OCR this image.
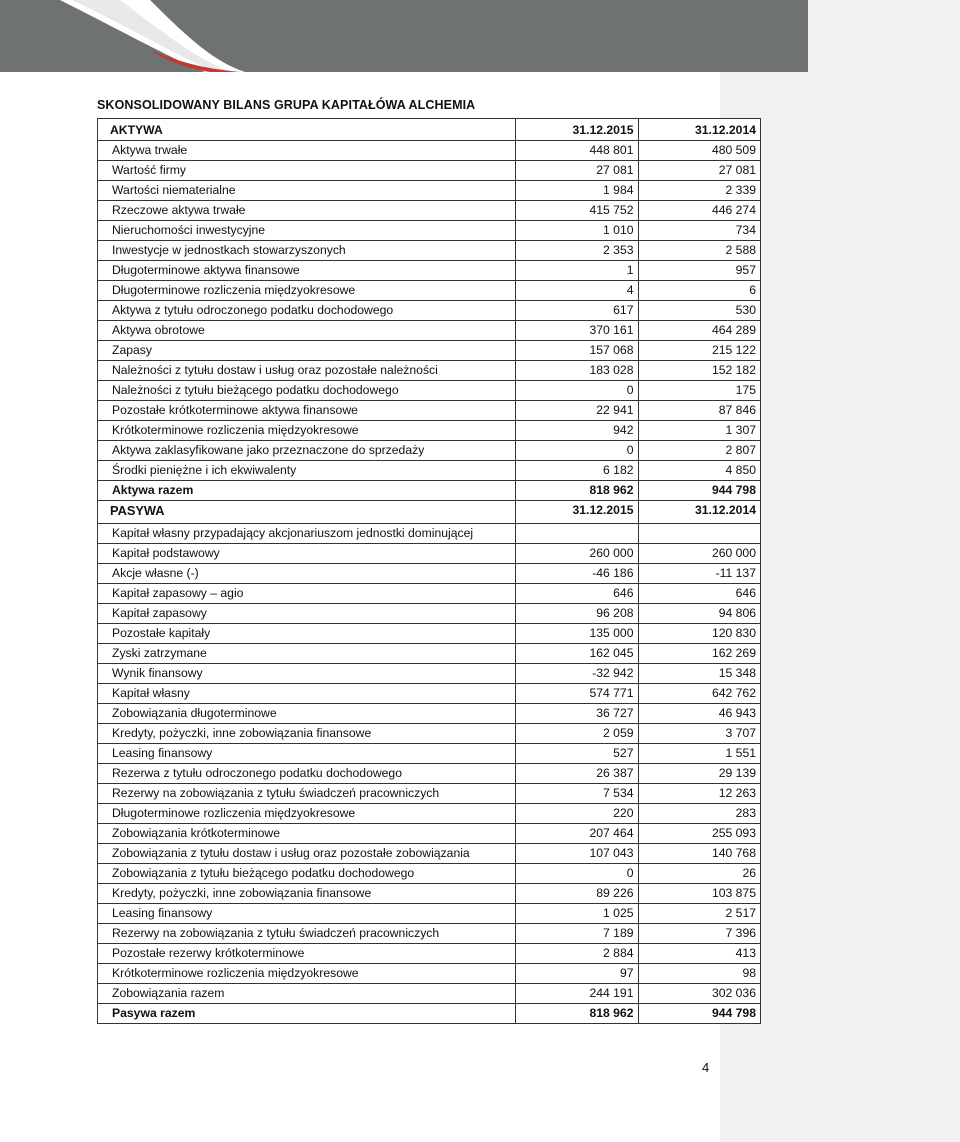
SKONSOLIDOWANY BILANS GRUPA KAPITAŁÓWA ALCHEMIA
AKTYWA	31.12.2015	31.12.2014
Aktywa trwałe	448 801	480 509
Wartość firmy	27 081	27 081
Wartości niematerialne	1 984	2 339
Rzeczowe aktywa trwałe	415 752	446 274
Nieruchomości inwestycyjne	1 010	734
Inwestycje w jednostkach stowarzyszonych	2 353	2 588
Długoterminowe aktywa finansowe	1	957
Długoterminowe rozliczenia międzyokresowe	4	6
Aktywa z tytułu odroczonego podatku dochodowego	617	530
Aktywa obrotowe	370 161	464 289
Zapasy	157 068	215 122
Należności z tytułu dostaw i usług oraz pozostałe należności	183 028	152 182
Należności z tytułu bieżącego podatku dochodowego	0	175
Pozostałe krótkoterminowe aktywa finansowe	22 941	87 846
Krótkoterminowe rozliczenia międzyokresowe	942	1 307
Aktywa zaklasyfikowane jako przeznaczone do sprzedaży	0	2 807
Środki pieniężne i ich ekwiwalenty	6 182	4 850
Aktywa razem	818 962	944 798
PASYWA	31.12.2015	31.12.2014
Kapitał własny przypadający akcjonariuszom jednostki dominującej		
Kapitał podstawowy	260 000	260 000
Akcje własne (-)	-46 186	-11 137
Kapitał zapasowy – agio	646	646
Kapitał zapasowy	96 208	94 806
Pozostałe kapitały	135 000	120 830
Zyski zatrzymane	162 045	162 269
Wynik finansowy	-32 942	15 348
Kapitał własny	574 771	642 762
Zobowiązania długoterminowe	36 727	46 943
Kredyty, pożyczki, inne zobowiązania finansowe	2 059	3 707
Leasing finansowy	527	1 551
Rezerwa z tytułu odroczonego podatku dochodowego	26 387	29 139
Rezerwy na zobowiązania z tytułu świadczeń pracowniczych	7 534	12 263
Długoterminowe rozliczenia międzyokresowe	220	283
Zobowiązania krótkoterminowe	207 464	255 093
Zobowiązania z tytułu dostaw i usług oraz pozostałe zobowiązania	107 043	140 768
Zobowiązania z tytułu bieżącego podatku dochodowego	0	26
Kredyty, pożyczki, inne zobowiązania finansowe	89 226	103 875
Leasing finansowy	1 025	2 517
Rezerwy na zobowiązania z tytułu świadczeń pracowniczych	7 189	7 396
Pozostałe rezerwy krótkoterminowe	2 884	413
Krótkoterminowe rozliczenia międzyokresowe	97	98
Zobowiązania razem	244 191	302 036
Pasywa razem	818 962	944 798
4
